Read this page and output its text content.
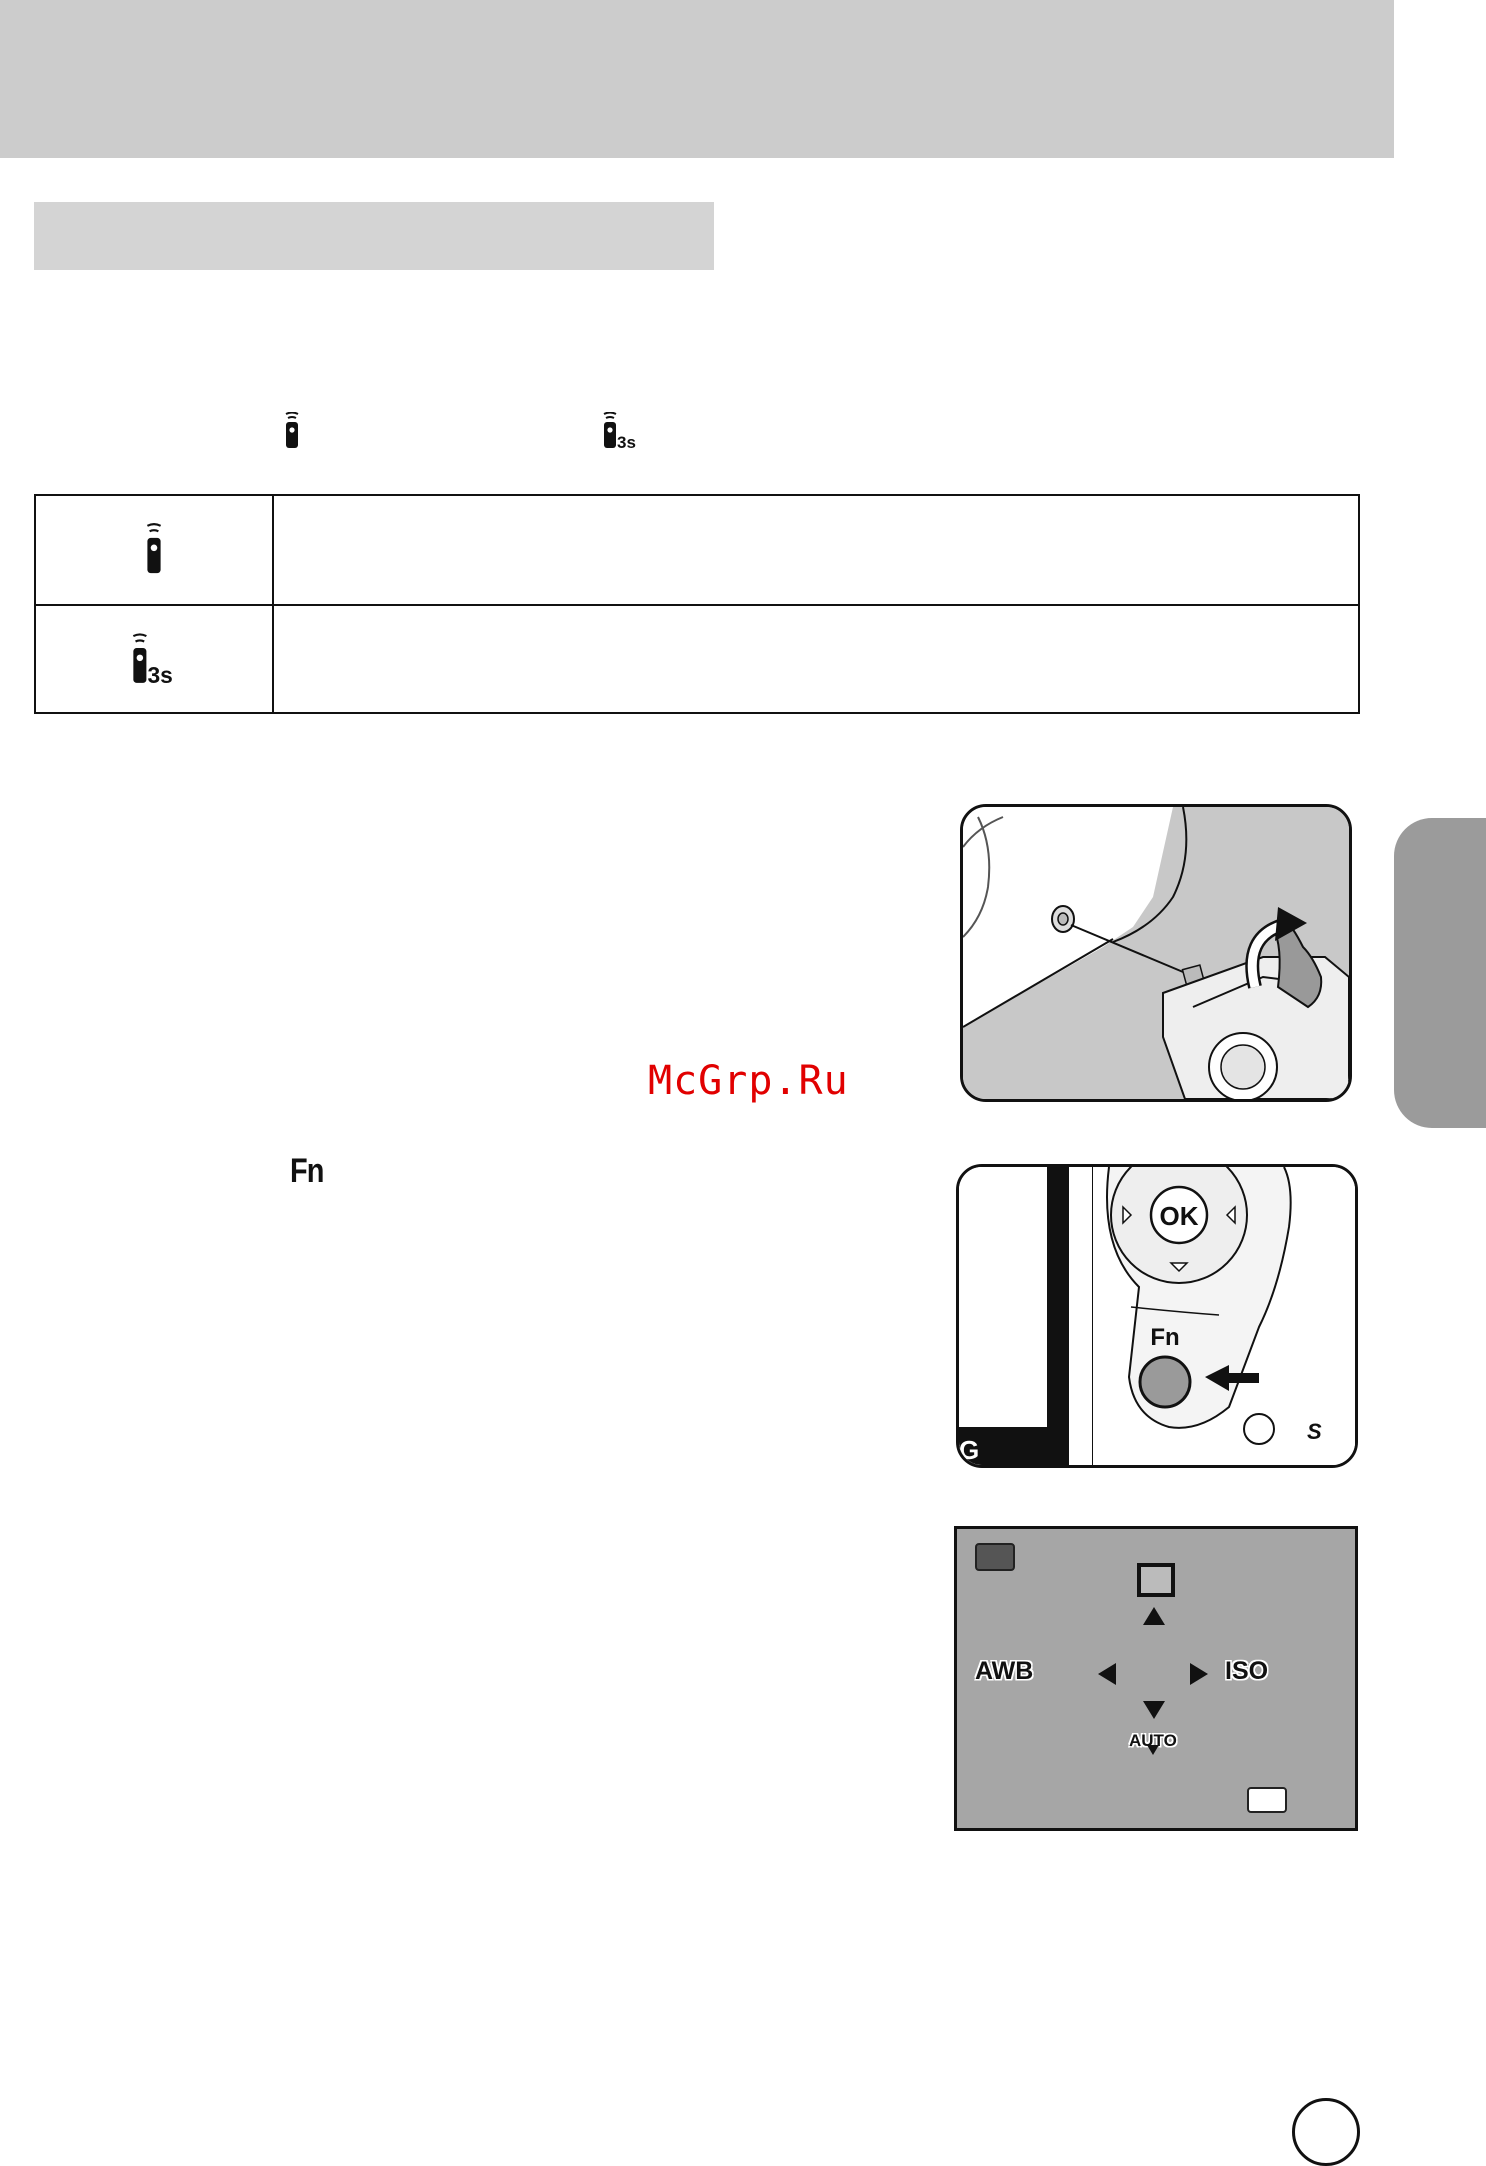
3s
3s
Fn
McGrp.Ru
G
OK
Fn
S
AWB	ISO
AUTO
